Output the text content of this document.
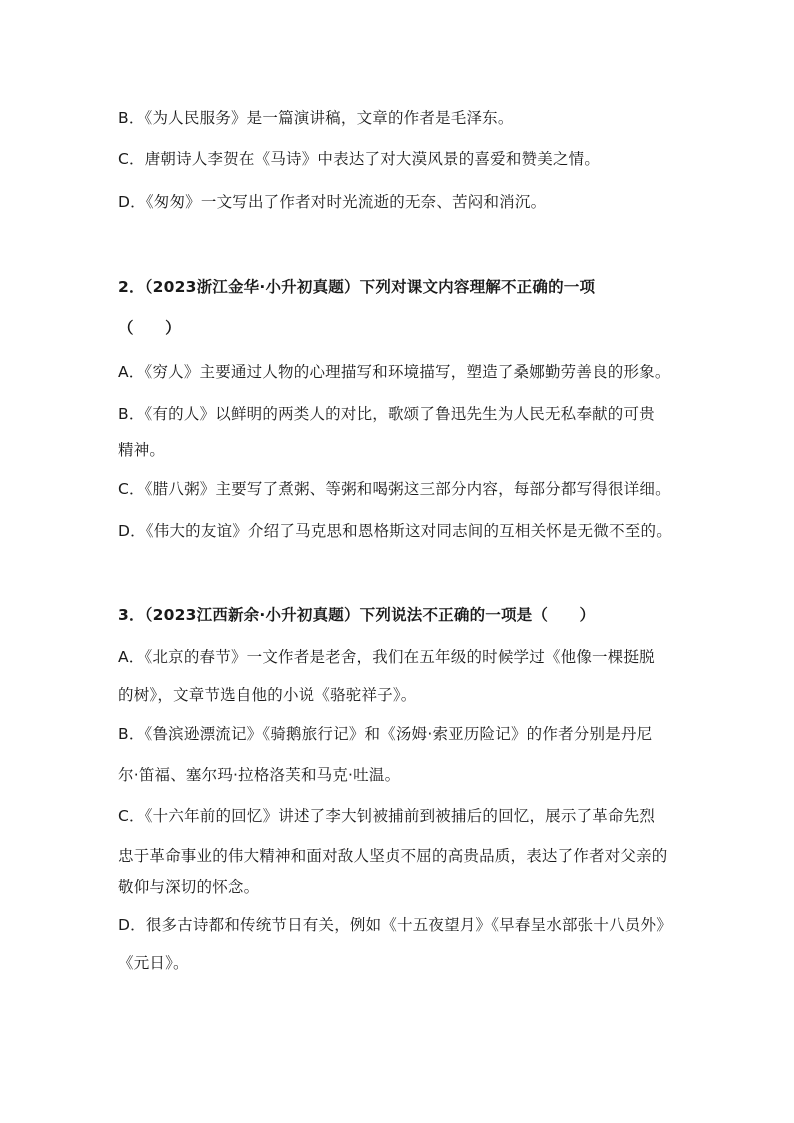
B．《为人民服务》是一篇演讲稿，文章的作者是毛泽东。
C．唐朝诗人李贺在《马诗》中表达了对大漠风景的喜爱和赞美之情。
D．《匆匆》一文写出了作者对时光流逝的无奈、苦闷和消沉。
2．（2023浙江金华·小升初真题）下列对课文内容理解不正确的一项
（　　）
A．《穷人》主要通过人物的心理描写和环境描写，塑造了桑娜勤劳善良的形象。
B．《有的人》以鲜明的两类人的对比，歌颂了鲁迅先生为人民无私奉献的可贵
精神。
C．《腊八粥》主要写了煮粥、等粥和喝粥这三部分内容，每部分都写得很详细。
D．《伟大的友谊》介绍了马克思和恩格斯这对同志间的互相关怀是无微不至的。
3．（2023江西新余·小升初真题）下列说法不正确的一项是（　　）
A．《北京的春节》一文作者是老舍，我们在五年级的时候学过《他像一棵挺脱
的树》，文章节选自他的小说《骆驼祥子》。
B．《鲁滨逊漂流记》《骑鹅旅行记》和《汤姆·索亚历险记》的作者分别是丹尼
尔·笛福、塞尔玛·拉格洛芙和马克·吐温。
C．《十六年前的回忆》讲述了李大钊被捕前到被捕后的回忆，展示了革命先烈
忠于革命事业的伟大精神和面对敌人坚贞不屈的高贵品质，表达了作者对父亲的
敬仰与深切的怀念。
D．很多古诗都和传统节日有关，例如《十五夜望月》《早春呈水部张十八员外》
《元日》。
